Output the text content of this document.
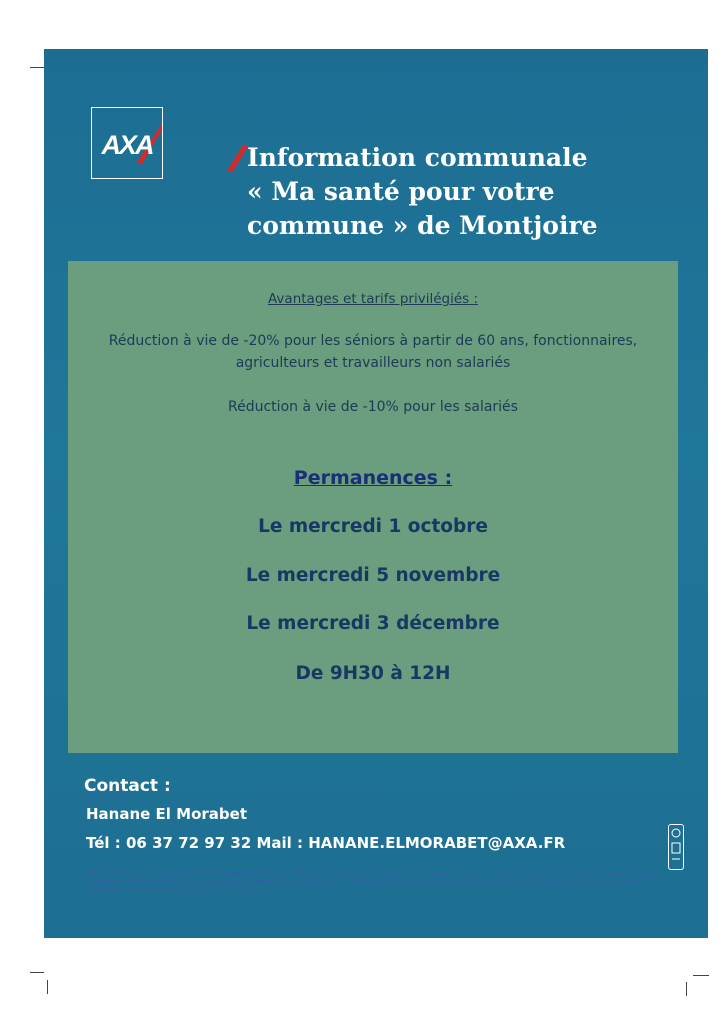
AXA	Information communale
« Ma santé pour votre
commune » de Montjoire
Avantages et tarifs privilégiés :
Réduction à vie de -20% pour les séniors à partir de 60 ans, fonctionnaires,
agriculteurs et travailleurs non salariés
Réduction à vie de -10% pour les salariés
Permanences :
Le mercredi 1 octobre
Le mercredi 5 novembre
Le mercredi 3 décembre
De 9H30 à 12H
Contact :
Hanane El Morabet
Tél : 06 37 72 97 32 Mail : HANANE.ELMORABET@AXA.FR
AXA France Vie S.A. au capital de 487 725 073,50 € · 310 499 959 R.C.S. Nanterre · AXA Assurances Vie Mutuelle · Société d'assurance mutuelle sur la vie et de capitalisation à cotisations fixes · AXA France IARD S.A. au capital de 214 799 030 € · 722 057 460 R.C.S. Nanterre · AXA Assurances IARD Mutuelle · Société d'assurance mutuelle à cotisations fixes contre l'incendie, les accidents et risques divers · Sièges sociaux : 313, Terrasses de l'Arche 92727 Nanterre Cedex · Entreprises régies par le Code des Assurances
